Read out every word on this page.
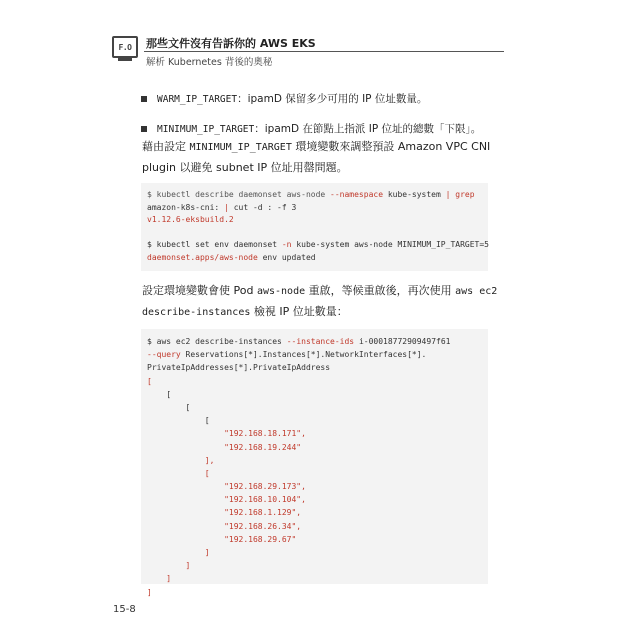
F.O	那些文件沒有告訴你的 AWS EKS
解析 Kubernetes 背後的奧秘
WARM_IP_TARGET：ipamD 保留多少可用的 IP 位址數量。
MINIMUM_IP_TARGET：ipamD 在節點上指派 IP 位址的總數「下限」。
藉由設定 MINIMUM_IP_TARGET 環境變數來調整預設 Amazon VPC CNI plugin 以避免 subnet IP 位址用罄問題。
$ kubectl describe daemonset aws-node --namespace kube-system | grep
amazon-k8s-cni: | cut -d : -f 3
v1.12.6-eksbuild.2
$ kubectl set env daemonset -n kube-system aws-node MINIMUM_IP_TARGET=5
daemonset.apps/aws-node env updated
設定環境變數會使 Pod aws-node 重啟，等候重啟後，再次使用 aws ec2 describe-instances 檢視 IP 位址數量：
$ aws ec2 describe-instances --instance-ids i-00018772909497f61
--query Reservations[*].Instances[*].NetworkInterfaces[*].
PrivateIpAddresses[*].PrivateIpAddress
[
[
[
[
"192.168.18.171",
"192.168.19.244"
],
[
"192.168.29.173",
"192.168.10.104",
"192.168.1.129",
"192.168.26.34",
"192.168.29.67"
]
]
]
]
15-8
